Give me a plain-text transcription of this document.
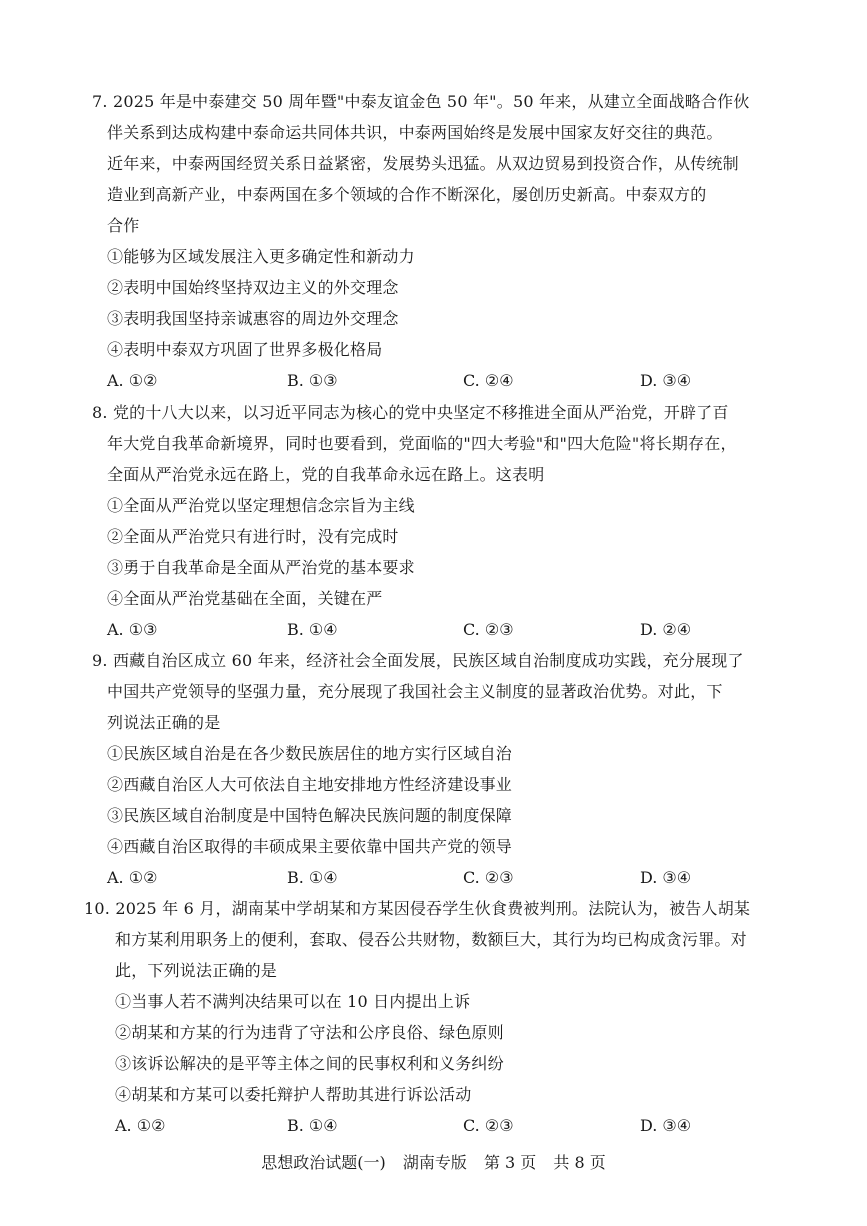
7. 2025 年是中泰建交 50 周年暨"中泰友谊金色 50 年"。50 年来，从建立全面战略合作伙
伴关系到达成构建中泰命运共同体共识，中泰两国始终是发展中国家友好交往的典范。
近年来，中泰两国经贸关系日益紧密，发展势头迅猛。从双边贸易到投资合作，从传统制
造业到高新产业，中泰两国在多个领域的合作不断深化，屡创历史新高。中泰双方的
合作
①能够为区域发展注入更多确定性和新动力
②表明中国始终坚持双边主义的外交理念
③表明我国坚持亲诚惠容的周边外交理念
④表明中泰双方巩固了世界多极化格局
A. ①②	B. ①③	C. ②④	D. ③④
8. 党的十八大以来，以习近平同志为核心的党中央坚定不移推进全面从严治党，开辟了百
年大党自我革命新境界，同时也要看到，党面临的"四大考验"和"四大危险"将长期存在，
全面从严治党永远在路上，党的自我革命永远在路上。这表明
①全面从严治党以坚定理想信念宗旨为主线
②全面从严治党只有进行时，没有完成时
③勇于自我革命是全面从严治党的基本要求
④全面从严治党基础在全面，关键在严
A. ①③	B. ①④	C. ②③	D. ②④
9. 西藏自治区成立 60 年来，经济社会全面发展，民族区域自治制度成功实践，充分展现了
中国共产党领导的坚强力量，充分展现了我国社会主义制度的显著政治优势。对此，下
列说法正确的是
①民族区域自治是在各少数民族居住的地方实行区域自治
②西藏自治区人大可依法自主地安排地方性经济建设事业
③民族区域自治制度是中国特色解决民族问题的制度保障
④西藏自治区取得的丰硕成果主要依靠中国共产党的领导
A. ①②	B. ①④	C. ②③	D. ③④
10. 2025 年 6 月，湖南某中学胡某和方某因侵吞学生伙食费被判刑。法院认为，被告人胡某
和方某利用职务上的便利，套取、侵吞公共财物，数额巨大，其行为均已构成贪污罪。对
此，下列说法正确的是
①当事人若不满判决结果可以在 10 日内提出上诉
②胡某和方某的行为违背了守法和公序良俗、绿色原则
③该诉讼解决的是平等主体之间的民事权利和义务纠纷
④胡某和方某可以委托辩护人帮助其进行诉讼活动
A. ①②	B. ①④	C. ②③	D. ③④
思想政治试题(一) 湖南专版 第 3 页 共 8 页
